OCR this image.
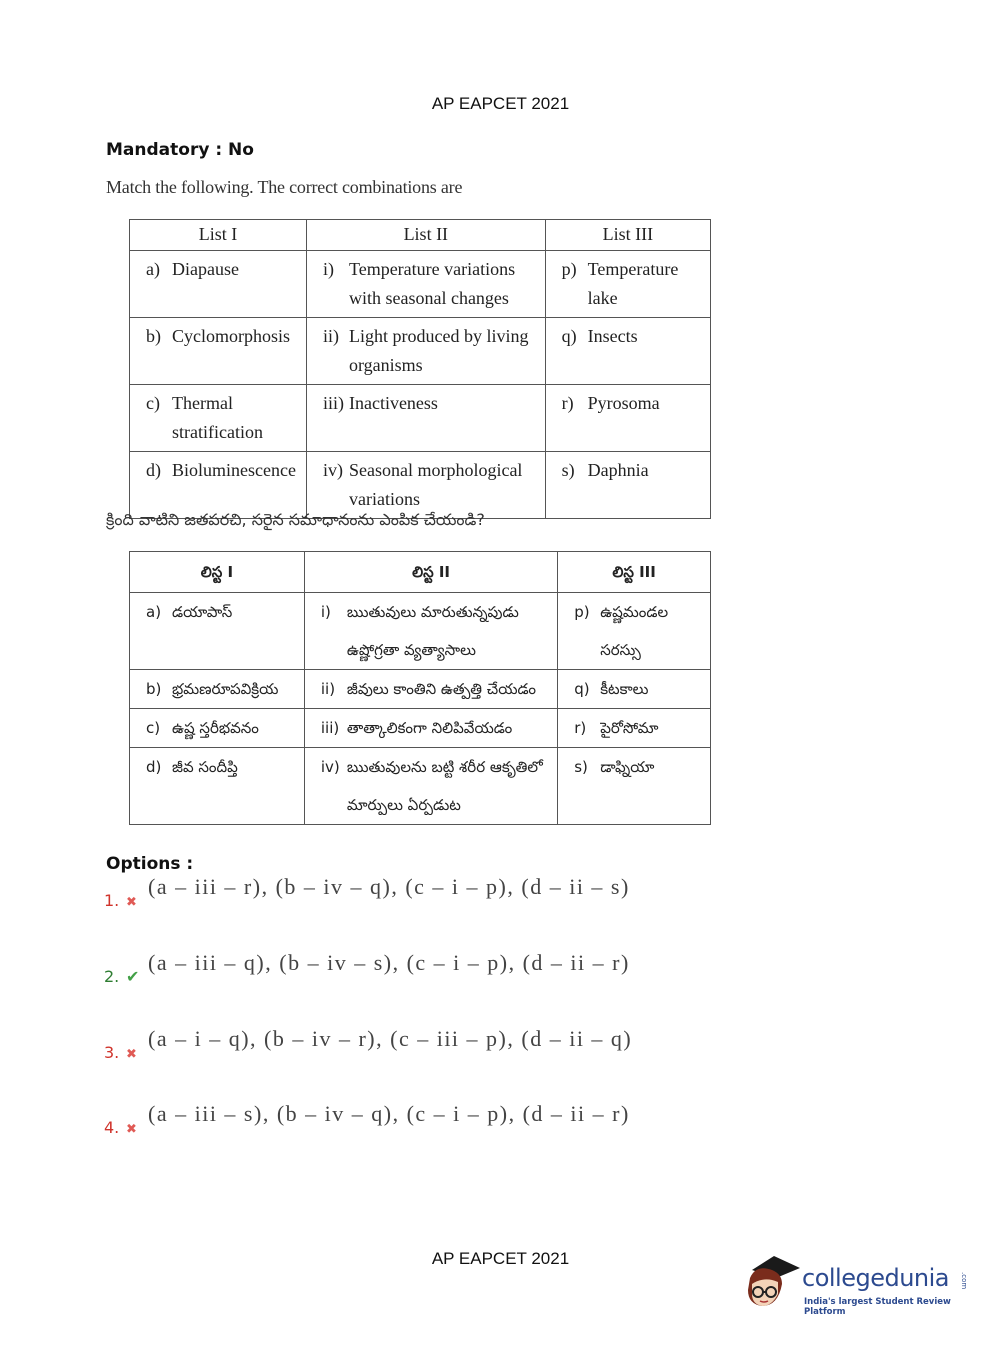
AP EAPCET 2021
Mandatory : No
Match the following. The correct combinations are
List I	List II	List III

a) Diapause	i) Temperature variations with seasonal changes	p) Temperature lake

b) Cyclomorphosis	ii) Light produced by living organisms	q) Insects

c) Thermal stratification	iii) Inactiveness	r) Pyrosoma

d) Bioluminescence	iv) Seasonal morphological variations	s) Daphnia
క్రింది వాటిని జతపరచి, సరైన సమాధానంను ఎంపిక చేయండి?
లిస్ట I	లిస్ట II	లిస్ట III

a) డయాపాస్	i) ఋతువులు మారుతున్నపుడు ఉష్ణోగ్రతా వ్యత్యాసాలు	p) ఉష్ణమండల సరస్సు

b) భ్రమణరూపవిక్రియ	ii) జీవులు కాంతిని ఉత్పత్తి చేయడం	q) కీటకాలు

c) ఉష్ణ స్తరీభవనం	iii) తాత్కాలికంగా నిలిపివేయడం	r) పైరోసోమా

d) జీవ సందీప్తి	iv) ఋతువులను బట్టి శరీర ఆకృతిలో మార్పులు ఏర్పడుట	s) డాఫ్నియా
Options :
1. ✖
(a – iii – r), (b – iv – q), (c – i – p), (d – ii – s)
2. ✔
(a – iii – q), (b – iv – s), (c – i – p), (d – ii – r)
3. ✖
(a – i – q), (b – iv – r), (c – iii – p), (d – ii – q)
4. ✖
(a – iii – s), (b – iv – q), (c – i – p), (d – ii – r)
AP EAPCET 2021
collegedunia .com
India's largest Student Review Platform
